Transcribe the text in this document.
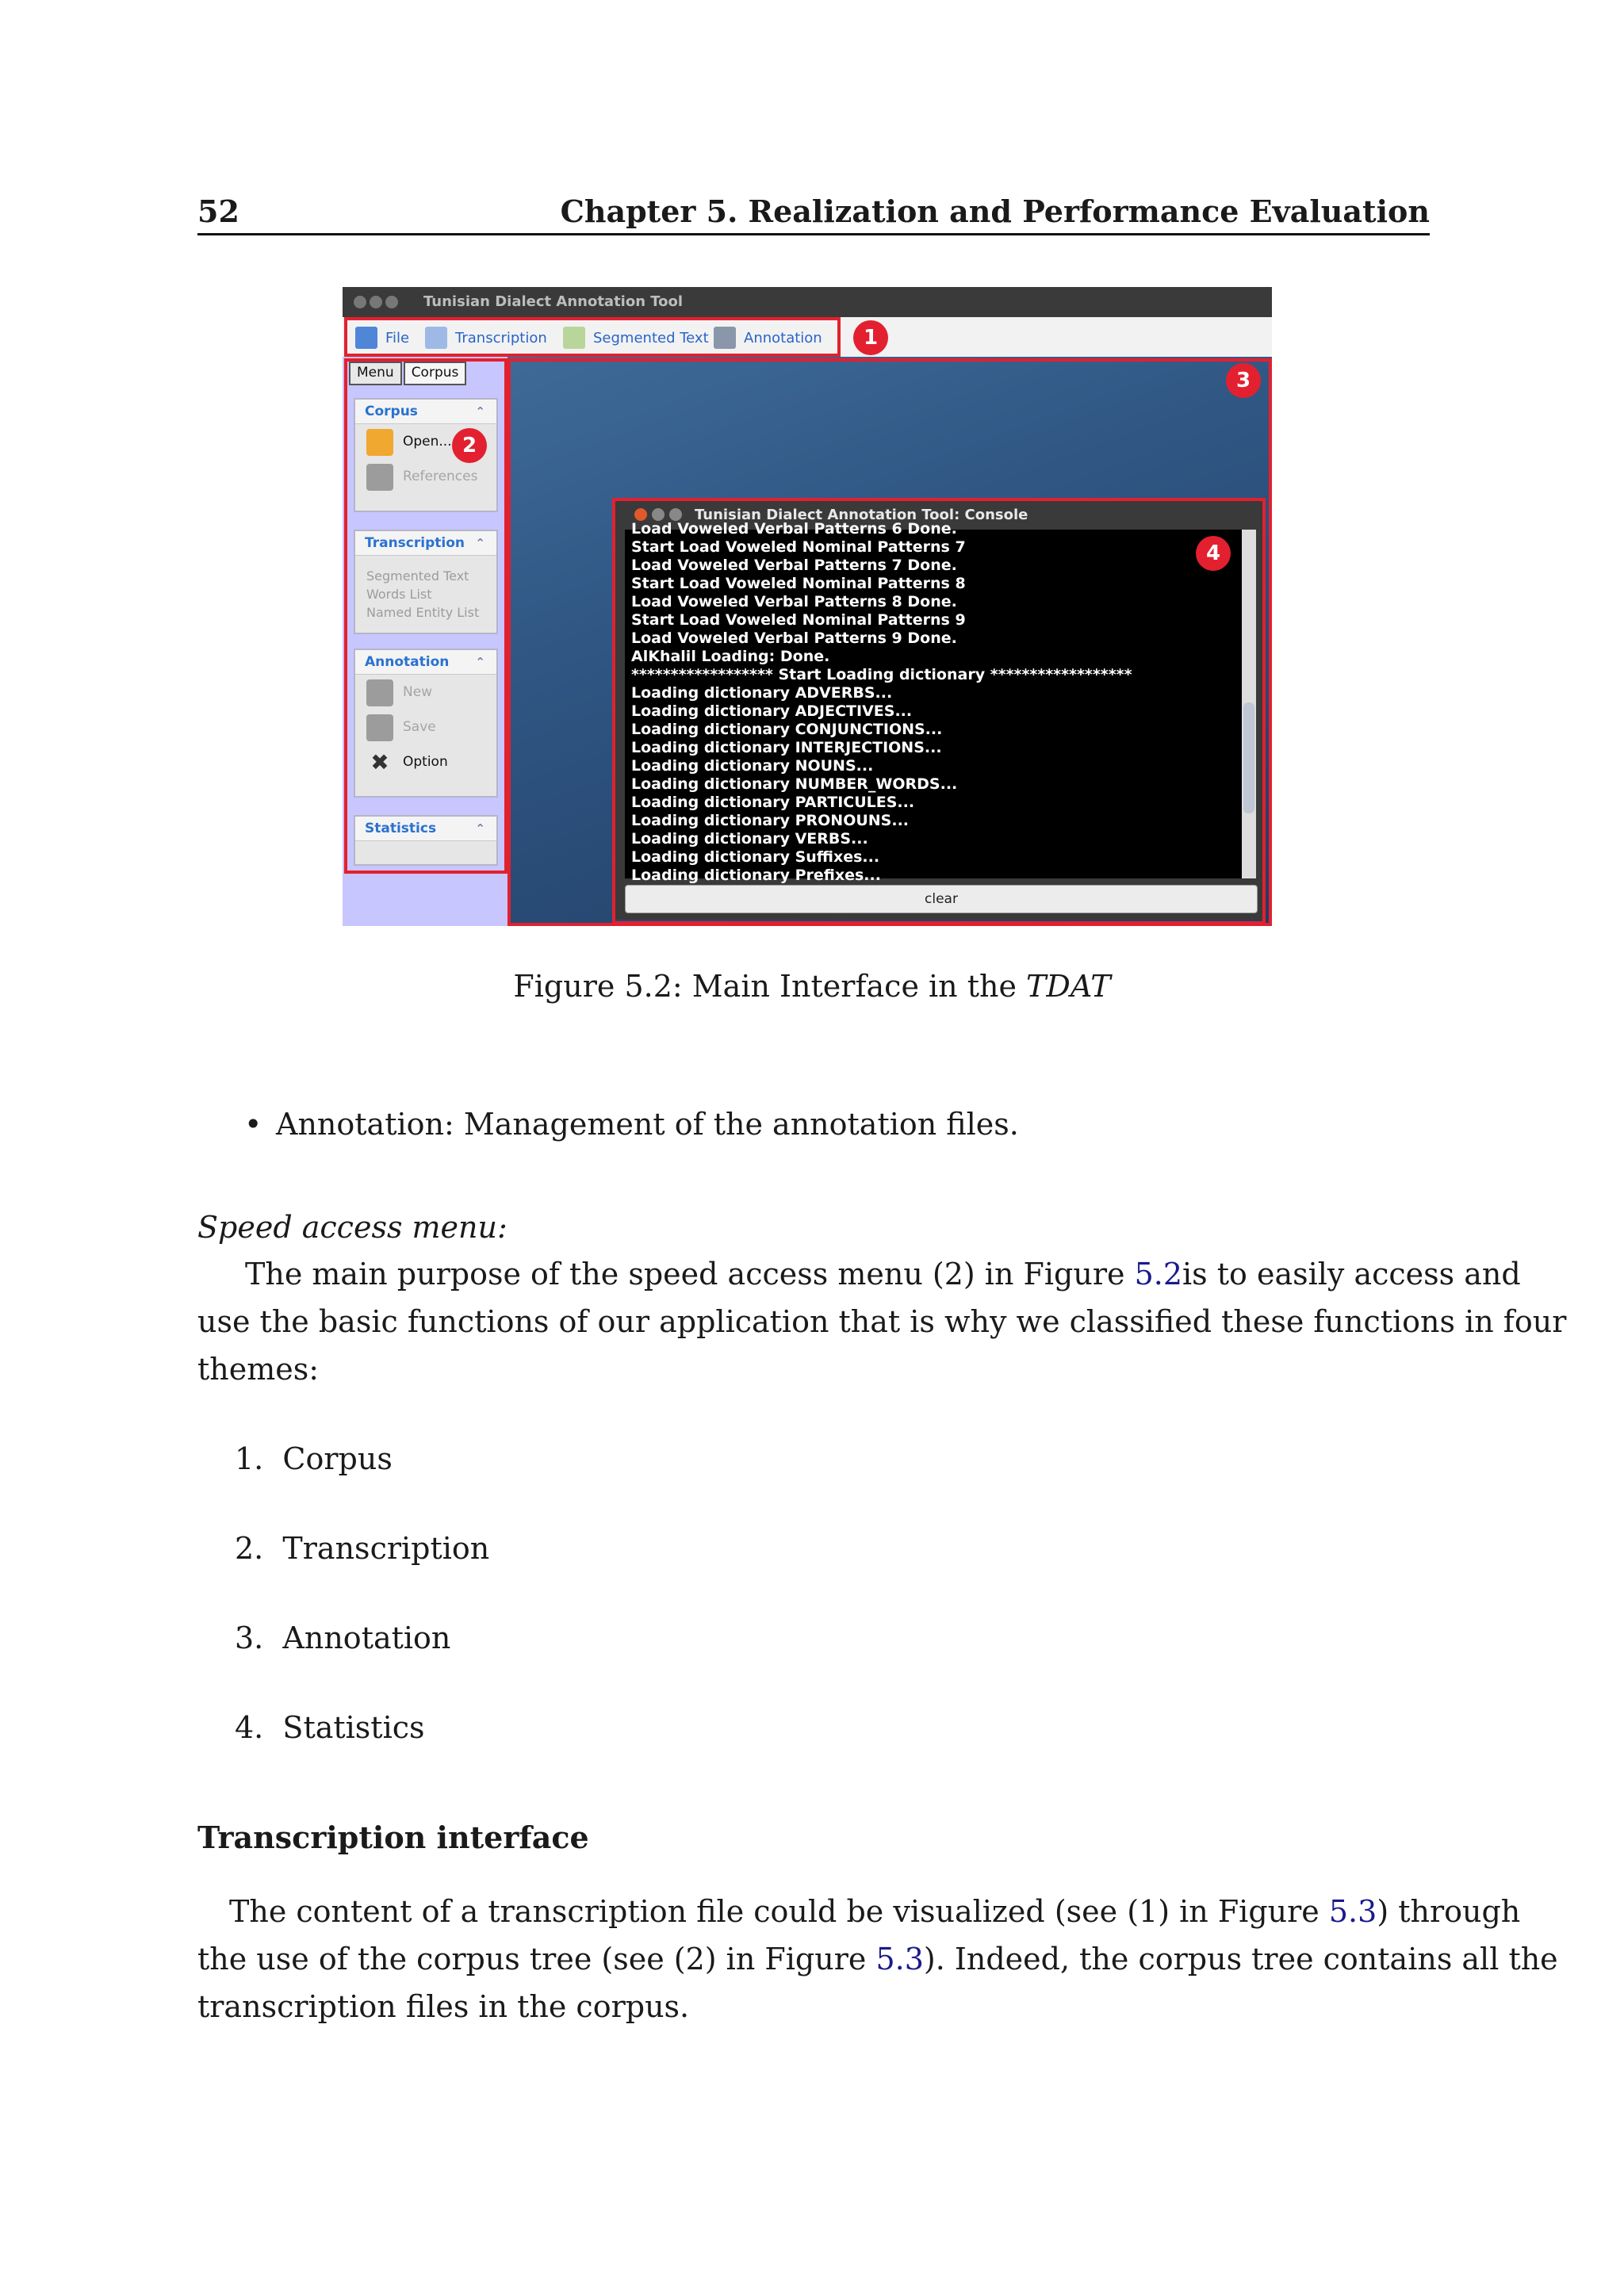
52	Chapter 5. Realization and Performance Evaluation
Tunisian Dialect Annotation Tool
File	Transcription	Segmented Text Annotation	1
Menu	Corpus
Corpus	⌃
Open...
References
Transcription ⌃
Segmented Text
Words List
Named Entity List
Annotation ⌃
New
Save
✖	Option
Statistics	⌃
2
3
Tunisian Dialect Annotation Tool: Console
Load Voweled Verbal Patterns 6 Done.
Start Load Voweled Nominal Patterns 7
Load Voweled Verbal Patterns 7 Done.
Start Load Voweled Nominal Patterns 8
Load Voweled Verbal Patterns 8 Done.
Start Load Voweled Nominal Patterns 9
Load Voweled Verbal Patterns 9 Done.
AlKhalil Loading: Done.
****************** Start Loading dictionary ******************
Loading dictionary ADVERBS...
Loading dictionary ADJECTIVES...
Loading dictionary CONJUNCTIONS...
Loading dictionary INTERJECTIONS...
Loading dictionary NOUNS...
Loading dictionary NUMBER_WORDS...
Loading dictionary PARTICULES...
Loading dictionary PRONOUNS...
Loading dictionary VERBS...
Loading dictionary Suffixes...
Loading dictionary Prefixes...
clear
4
Figure 5.2: Main Interface in the TDAT
• Annotation: Management of the annotation files.
Speed access menu:
The main purpose of the speed access menu (2) in Figure 5.2 is to easily access and
use the basic functions of our application that is why we classified these functions in four
themes:
1.  Corpus
2.  Transcription
3.  Annotation
4.  Statistics
Transcription interface
The content of a transcription file could be visualized (see (1) in Figure 5.3) through
the use of the corpus tree (see (2) in Figure 5.3). Indeed, the corpus tree contains all the
transcription files in the corpus.
